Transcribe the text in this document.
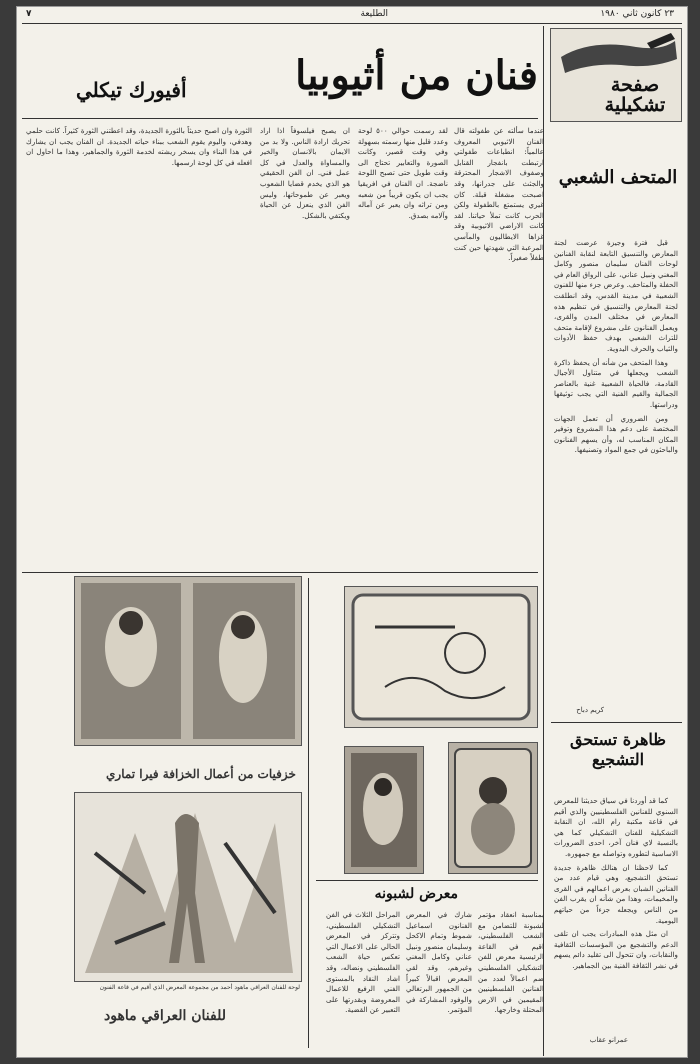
٢٣ كانون ثاني ١٩٨٠
الطليعة
٧
صفحة تشكيلية
المتحف الشعبي

قبل فترة وجيزة عرضت لجنة المعارض والتنسيق التابعة لنقابة الفنانين لوحات الفنان سليمان منصور وكامل المغني ونبيل عناني، على الرواق العام في الحفلة والمتاحف. وعرض جزء منها للفنون الشعبية في مدينة القدس، وقد انطلقت لجنة المعارض والتنسيق في تنظيم هذه المعارض في مختلف المدن والقرى، ويعمل الفنانون على مشروع لإقامة متحف للتراث الشعبي بهدف حفظ الأدوات والثياب والحرف اليدوية.

وهذا المتحف من شأنه أن يحفظ ذاكرة الشعب ويجعلها في متناول الأجيال القادمة، فالحياة الشعبية غنية بالعناصر الجمالية والقيم الفنية التي يجب توثيقها ودراستها.

ومن الضروري أن تعمل الجهات المختصة على دعم هذا المشروع وتوفير المكان المناسب له، وأن يسهم الفنانون والباحثون في جمع المواد وتصنيفها.

كريم دباح
ظاهرة تستحق التشجيع

كما قد أوردنا في سياق حديثنا للمعرض السنوي للفنانين الفلسطينيين والذي أقيم في قاعة مكتبة رام الله، ان النقابة التشكيلية للفنان التشكيلي كما هي بالنسبة لاي فنان آخر، احدى الضرورات الاساسية لتطوره وتواصله مع جمهوره.

كما لاحظنا ان هنالك ظاهرة جديدة تستحق التشجيع، وهي قيام عدد من الفنانين الشبان بعرض اعمالهم في القرى والمخيمات، وهذا من شأنه ان يقرب الفن من الناس ويجعله جزءاً من حياتهم اليومية.

ان مثل هذه المبادرات يجب ان تلقى الدعم والتشجيع من المؤسسات الثقافية والنقابات، وان تتحول الى تقليد دائم يسهم في نشر الثقافة الفنية بين الجماهير.

عمرانو عقاب
فنان من أثيوبيا
أفيورك تيكلي
عندما سألته عن طفولته قال الفنان الاثيوبي المعروف عالمياً: انطباعات طفولتي ارتبطت بانفجار القنابل وصفوف الاشجار المحترقة والجثث على جدرانها، وقد اصبحت مشغلة قبلة. كان غيري يستمتع بالطفولة ولكن الحرب كانت تملأ حياتنا. لقد كانت الاراضي الاثيوبية وقد غزاها الايطاليون والمآسي المرعبة التي شهدتها حين كنت طفلاً صغيراً.
لقد رسمت حوالي ٥٠٠ لوحة وعدد قليل منها رسمته بسهولة وفي وقت قصير، وكانت الصورة والتعابير تحتاج الى وقت طويل حتى تصبح اللوحة ناضجة. ان الفنان في افريقيا يجب ان يكون قريباً من شعبه ومن تراثه وان يعبر عن آماله وآلامه بصدق.
ان يصبح فيلسوفاً اذا اراد تحريك ارادة الناس. ولا بد من الايمان بالانسان والخير والمساواة والعدل في كل عمل فني. ان الفن الحقيقي هو الذي يخدم قضايا الشعوب ويعبر عن طموحاتها، وليس الفن الذي ينعزل عن الحياة ويكتفي بالشكل.
الثورة وان اصبح حديثاً بالثورة الجديدة، وقد اعطتني الثورة كثيراً. كانت حلمي وهدفي، واليوم يقوم الشعب ببناء حياته الجديدة. ان الفنان يجب ان يشارك في هذا البناء وان يسخر ريشته لخدمة الثورة والجماهير، وهذا ما احاول ان افعله في كل لوحة ارسمها.
خزفيات من أعمال الخزافة فيرا تماري
لوحة للفنان العراقي ماهود أحمد من مجموعة المعرض الذي أقيم في قاعة الفنون
للفنان العراقي ماهود
معرض لشبونه
بمناسبة انعقاد مؤتمر لشبونة للتضامن مع الشعب الفلسطيني، اقيم في القاعة الرئيسية معرض للفن التشكيلي الفلسطيني ضم اعمالاً لعدد من الفنانين الفلسطينيين المقيمين في الارض المحتلة وخارجها.
شارك في المعرض الفنانون اسماعيل شموط وتمام الاكحل وسليمان منصور ونبيل عناني وكامل المغني وغيرهم، وقد لقي المعرض اقبالاً كبيراً من الجمهور البرتغالي والوفود المشاركة في المؤتمر.
المراحل الثلاث في الفن التشكيلي الفلسطيني، وتتركز في المعرض الحالي على الاعمال التي تعكس حياة الشعب الفلسطيني ونضاله، وقد اشاد النقاد بالمستوى الفني الرفيع للاعمال المعروضة وبقدرتها على التعبير عن القضية.
